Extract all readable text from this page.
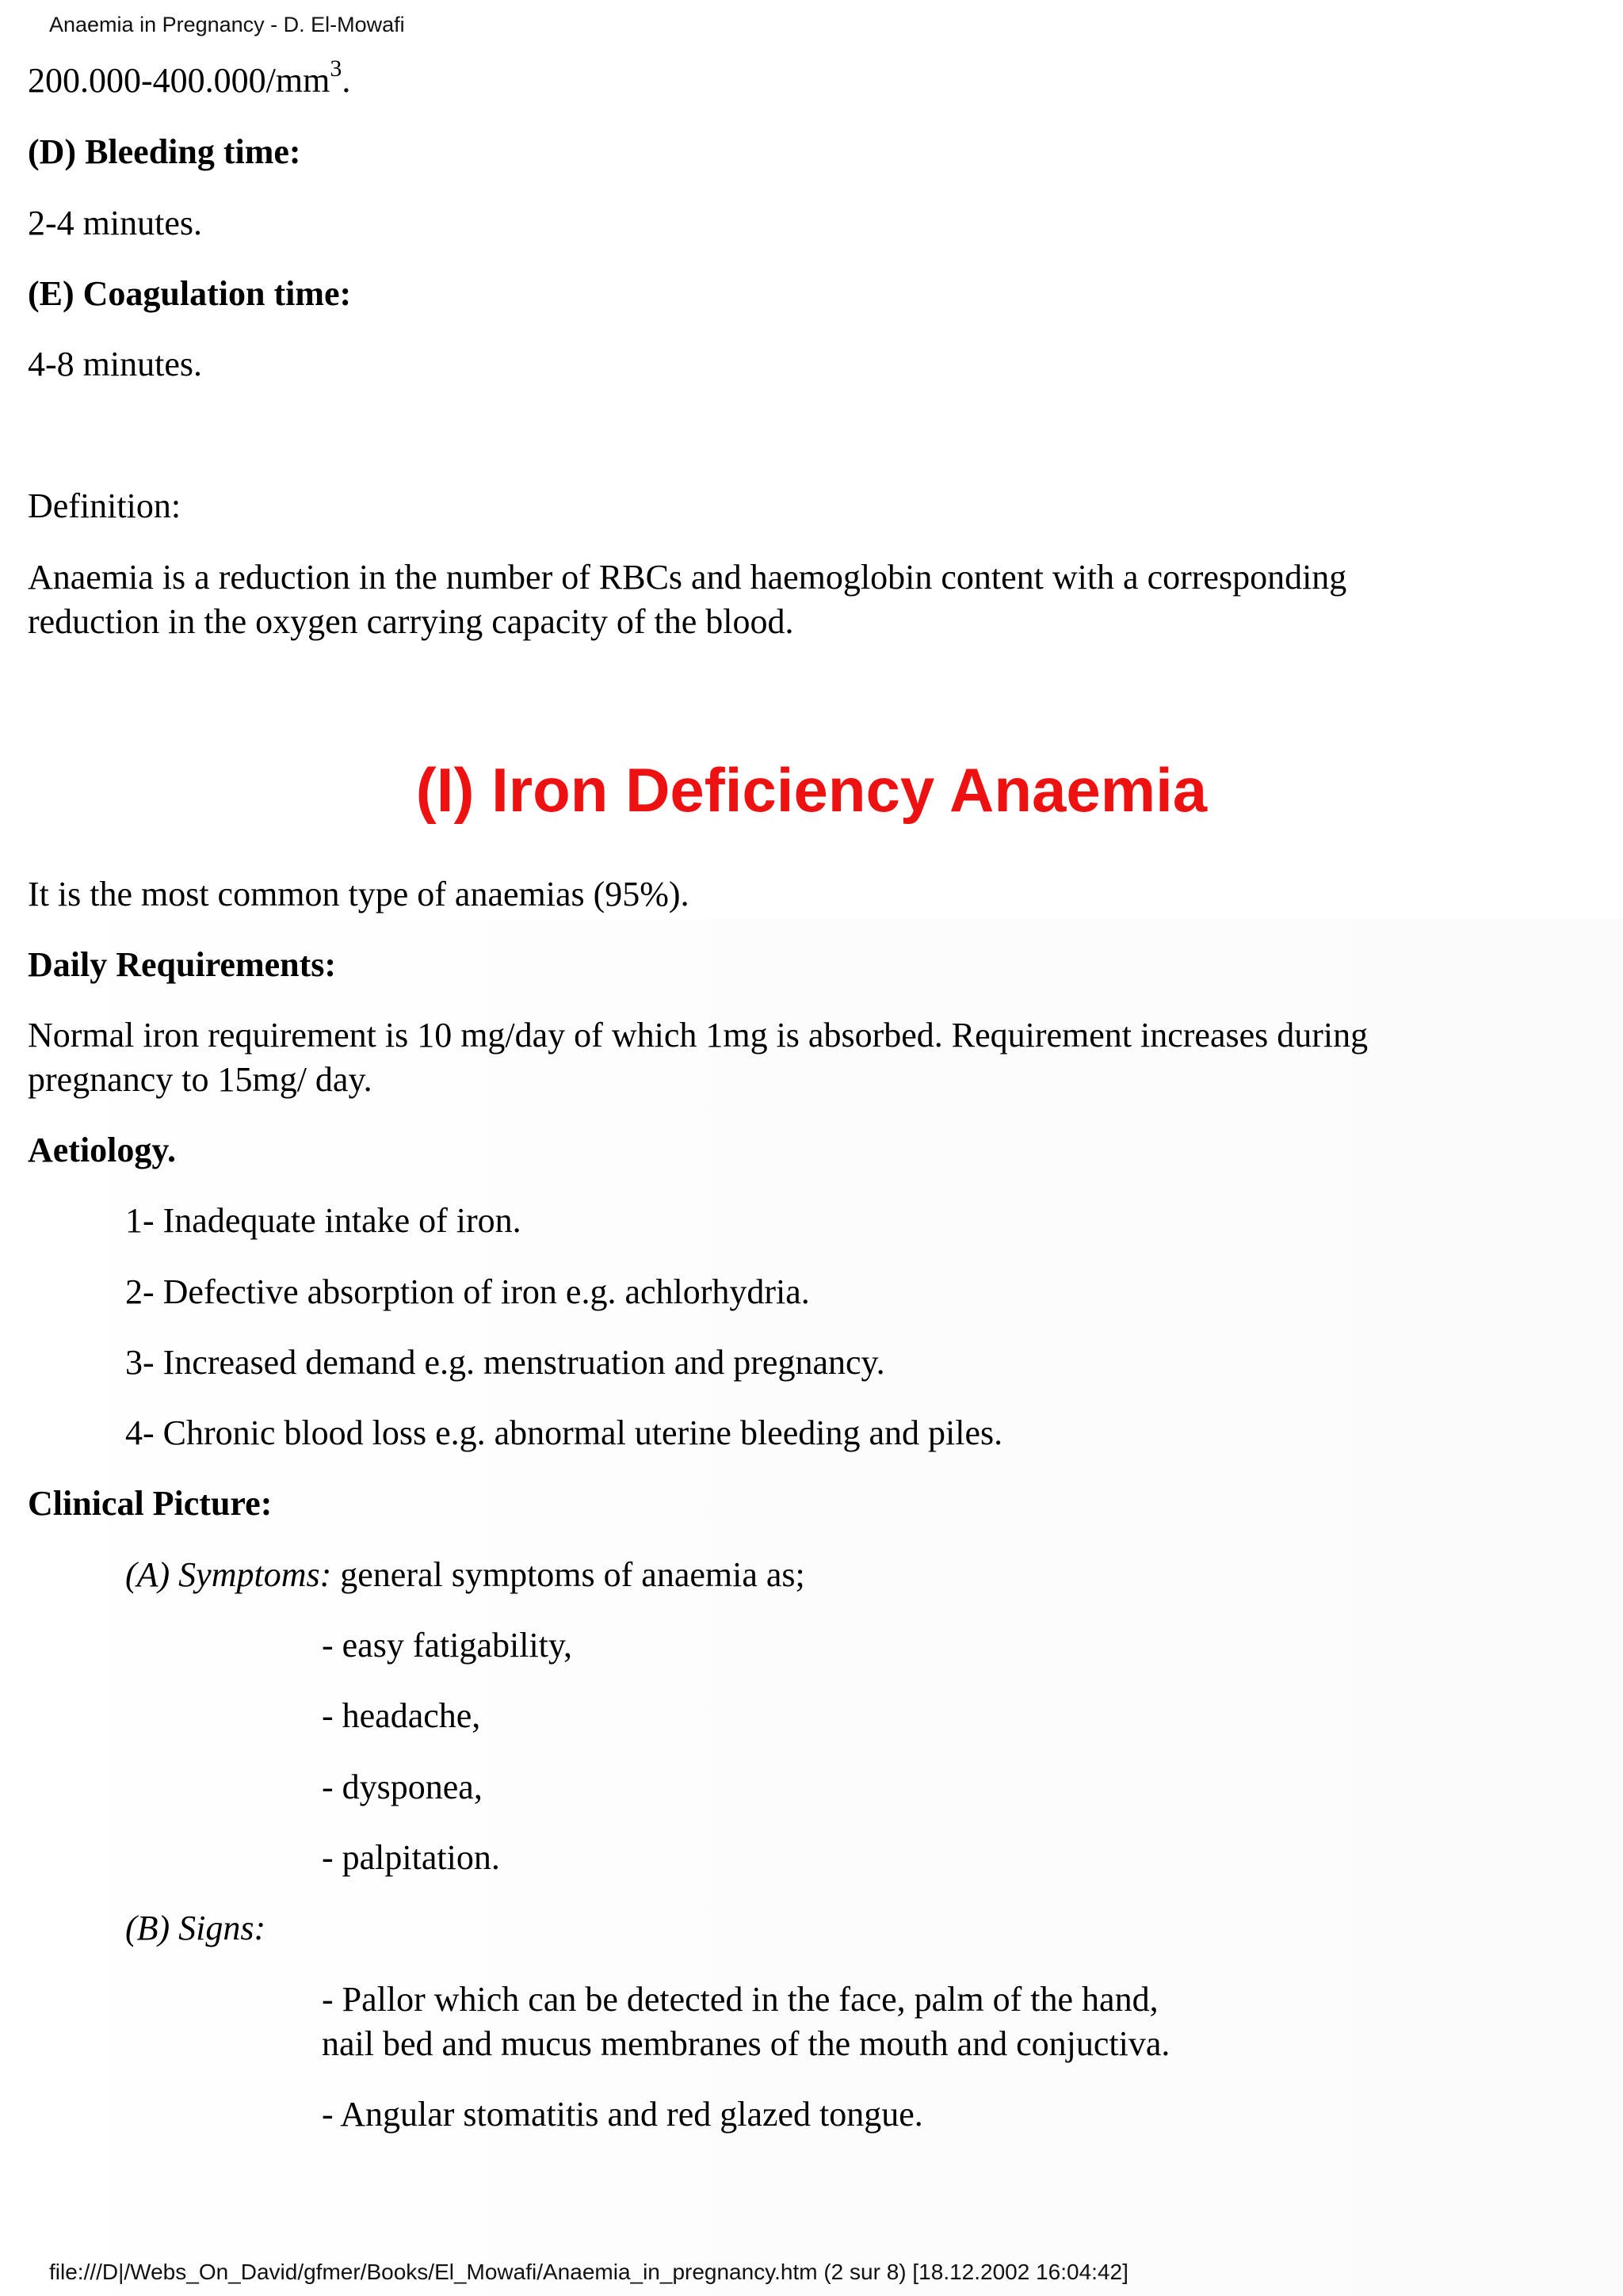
Anaemia in Pregnancy - D. El-Mowafi
$200.000-400.000/mm^3$.
(D) Bleeding time:
2-4 minutes.
(E) Coagulation time:
4-8 minutes.
Definition:
Anaemia is a reduction in the number of RBCs and haemoglobin content with a corresponding
reduction in the oxygen carrying capacity of the blood.
(I) Iron Deficiency Anaemia
It is the most common type of anaemias (95%).
Daily Requirements:
Normal iron requirement is 10 mg/day of which 1mg is absorbed. Requirement increases during
pregnancy to 15mg/ day.
Aetiology.
1- Inadequate intake of iron.
2- Defective absorption of iron e.g. achlorhydria.
3- Increased demand e.g. menstruation and pregnancy.
4- Chronic blood loss e.g. abnormal uterine bleeding and piles.
Clinical Picture:
(A) Symptoms: general symptoms of anaemia as;
- easy fatigability,
- headache,
- dysponea,
- palpitation.
(B) Signs:
- Pallor which can be detected in the face, palm of the hand,
nail bed and mucus membranes of the mouth and conjuctiva.
- Angular stomatitis and red glazed tongue.
file:///D|/Webs_On_David/gfmer/Books/El_Mowafi/Anaemia_in_pregnancy.htm (2 sur 8) [18.12.2002 16:04:42]
